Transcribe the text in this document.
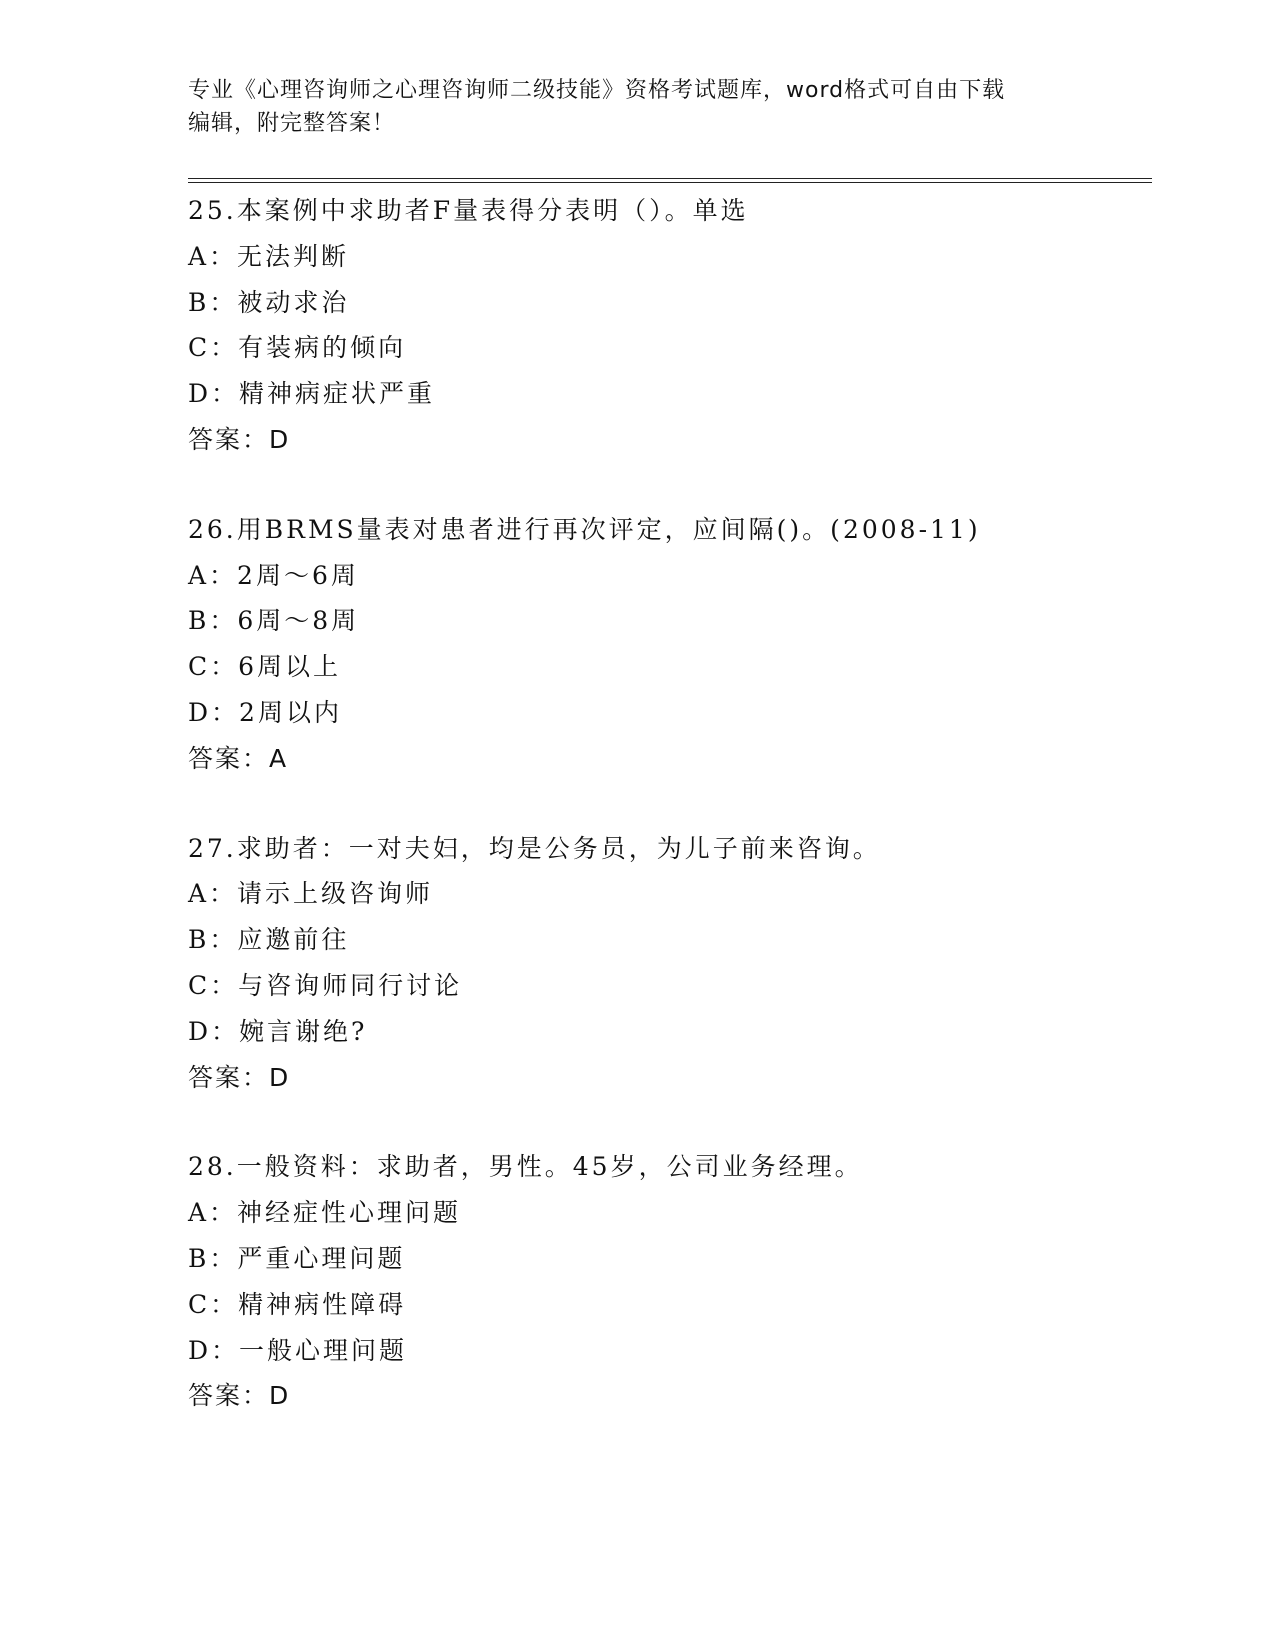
专业《心理咨询师之心理咨询师二级技能》资格考试题库，word格式可自由下载
编辑，附完整答案！
25.本案例中求助者F量表得分表明（）。单选
A：无法判断
B：被动求治
C：有装病的倾向
D：精神病症状严重
答案：D
26.用BRMS量表对患者进行再次评定，应间隔()。(2008-11)
A：2周～6周
B：6周～8周
C：6周以上
D：2周以内
答案：A
27.求助者：一对夫妇，均是公务员，为儿子前来咨询。
A：请示上级咨询师
B：应邀前往
C：与咨询师同行讨论
D：婉言谢绝?
答案：D
28.一般资料：求助者，男性。45岁，公司业务经理。
A：神经症性心理问题
B：严重心理问题
C：精神病性障碍
D：一般心理问题
答案：D
